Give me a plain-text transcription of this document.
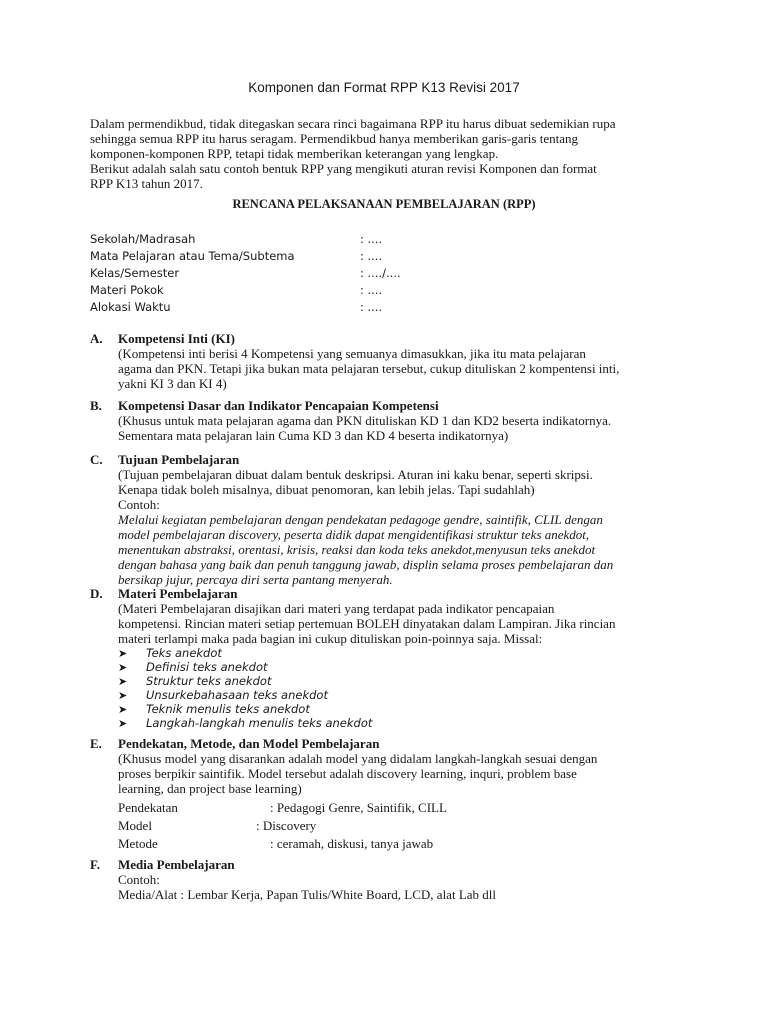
Komponen dan Format RPP K13 Revisi 2017
Dalam permendikbud, tidak ditegaskan secara rinci bagaimana RPP itu harus dibuat sedemikian rupa
sehingga semua RPP itu harus seragam. Permendikbud hanya memberikan garis-garis tentang
komponen-komponen RPP, tetapi tidak memberikan keterangan yang lengkap.
Berikut adalah salah satu contoh bentuk RPP yang mengikuti aturan revisi Komponen dan format
RPP K13 tahun 2017.
RENCANA PELAKSANAAN PEMBELAJARAN (RPP)
Sekolah/Madrasah	: ....
Mata Pelajaran atau Tema/Subtema	: ....
Kelas/Semester	: ..../....
Materi Pokok	: ....
Alokasi Waktu	: ....
A. Kompetensi Inti (KI)
(Kompetensi inti berisi 4 Kompetensi yang semuanya dimasukkan, jika itu mata pelajaran
agama dan PKN. Tetapi jika bukan mata pelajaran tersebut, cukup dituliskan 2 kompentensi inti,
yakni KI 3 dan KI 4)
B. Kompetensi Dasar dan Indikator Pencapaian Kompetensi
(Khusus untuk mata pelajaran agama dan PKN dituliskan KD 1 dan KD2 beserta indikatornya.
Sementara mata pelajaran lain Cuma KD 3 dan KD 4 beserta indikatornya)
C. Tujuan Pembelajaran
(Tujuan pembelajaran dibuat dalam bentuk deskripsi. Aturan ini kaku benar, seperti skripsi.
Kenapa tidak boleh misalnya, dibuat penomoran, kan lebih jelas. Tapi sudahlah)
Contoh:
Melalui kegiatan pembelajaran dengan pendekatan pedagoge gendre, saintifik, CLIL dengan
model pembelajaran discovery, peserta didik dapat mengidentifikasi struktur teks anekdot,
menentukan abstraksi, orentasi, krisis, reaksi dan koda teks anekdot,menyusun teks anekdot
dengan bahasa yang baik dan penuh tanggung jawab, displin selama proses pembelajaran dan
bersikap jujur, percaya diri serta pantang menyerah.
D. Materi Pembelajaran
(Materi Pembelajaran disajikan dari materi yang terdapat pada indikator pencapaian
kompetensi. Rincian materi setiap pertemuan BOLEH dinyatakan dalam Lampiran. Jika rincian
materi terlampi maka pada bagian ini cukup dituliskan poin-poinnya saja. Missal:
➤ Teks anekdot
➤ Definisi teks anekdot
➤ Struktur teks anekdot
➤ Unsurkebahasaan teks anekdot
➤ Teknik menulis teks anekdot
➤ Langkah-langkah menulis teks anekdot
E. Pendekatan, Metode, dan Model Pembelajaran
(Khusus model yang disarankan adalah model yang didalam langkah-langkah sesuai dengan
proses berpikir saintifik. Model tersebut adalah discovery learning, inquri, problem base
learning, dan project base learning)
Pendekatan	: Pedagogi Genre, Saintifik, CILL
Model	: Discovery
Metode	: ceramah, diskusi, tanya jawab
F. Media Pembelajaran
Contoh:
Media/Alat : Lembar Kerja, Papan Tulis/White Board, LCD, alat Lab dll
